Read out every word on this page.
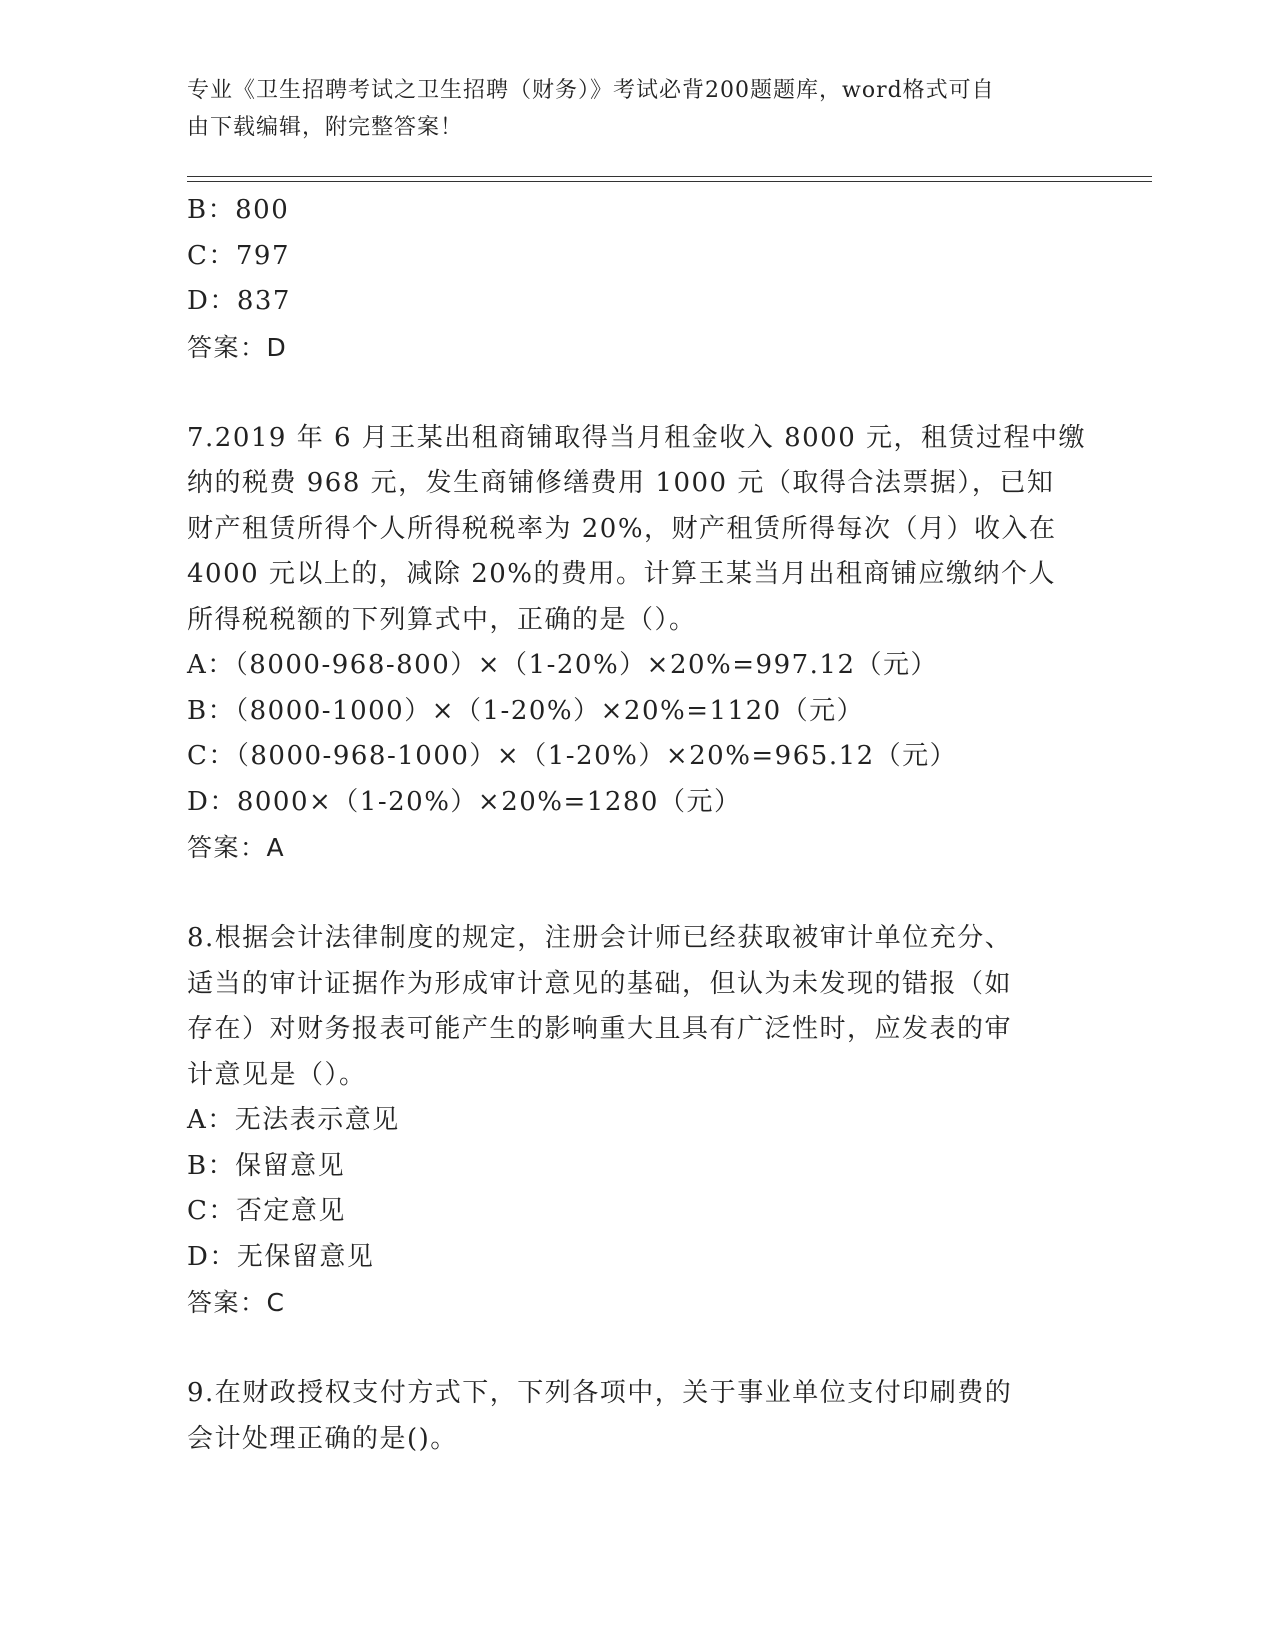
专业《卫生招聘考试之卫生招聘（财务）》考试必背200题题库，word格式可自
由下载编辑，附完整答案！
B：800
C：797
D：837
答案：D
7.2019 年 6 月王某出租商铺取得当月租金收入 8000 元，租赁过程中缴
纳的税费 968 元，发生商铺修缮费用 1000 元（取得合法票据），已知
财产租赁所得个人所得税税率为 20%，财产租赁所得每次（月）收入在
4000 元以上的，减除 20%的费用。计算王某当月出租商铺应缴纳个人
所得税税额的下列算式中，正确的是（）。
A：（8000-968-800）×（1-20%）×20%=997.12（元）
B：（8000-1000）×（1-20%）×20%=1120（元）
C：（8000-968-1000）×（1-20%）×20%=965.12（元）
D：8000×（1-20%）×20%=1280（元）
答案：A
8.根据会计法律制度的规定，注册会计师已经获取被审计单位充分、
适当的审计证据作为形成审计意见的基础，但认为未发现的错报（如
存在）对财务报表可能产生的影响重大且具有广泛性时，应发表的审
计意见是（）。
A：无法表示意见
B：保留意见
C：否定意见
D：无保留意见
答案：C
9.在财政授权支付方式下，下列各项中，关于事业单位支付印刷费的
会计处理正确的是()。
